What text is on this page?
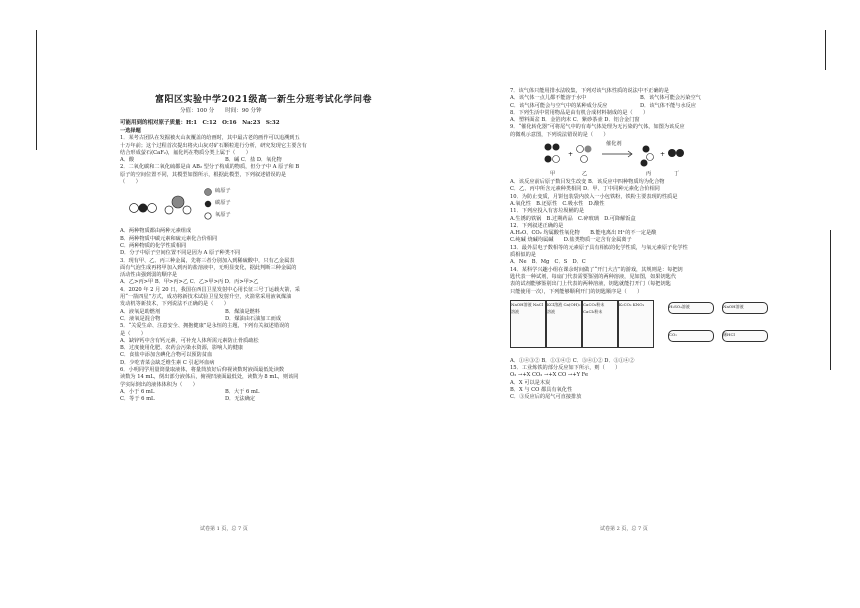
富阳区实验中学2021级高一新生分班考试化学问卷
分值：100 分　　时间：90 分钟
可能用到的相对原子质量：H:1　C:12　O:16　Na:23　S:32

一选择题

1．某考古团队在发掘被火山灰覆盖的给画时，其中最古老的画作可以追溯到五

十万年前；这个过程首次提出将火山灰对矿石颗粒进行分析，研究发现它主要含有

结合形成萤石(CaF₂)，氟化钙在物质分类上属于（　　）

A．酸	B．碱 C．盐 D．氧化物

2．二氧化碳和二氧化硫都是由 AB₂ 型分子构成的物质，但分子中 A 原子和 B

原子的空间位置不同，其模型如图所示，根据此模型，下列叙述错误的是

（　　）

硫原子
碳原子
氧原子

A．两种物质都由两种元素组成

B．两种物质中碳元素和硫元素化合价相同

C．两种物质的化学性质相同

D．分子中原子空间位置不同是因为 A 原子种类不同

3．现有甲、乙、丙三种金属，先将三者分别加入到稀硫酸中，只有乙金属表

面有气泡生成再将甲加入到丙的盐溶液中，无明显变化，据此判断三种金属的

活动性由强到弱的顺序是

A．乙>丙>甲 B．甲>丙>乙 C．乙>甲>丙 D．丙>甲>乙

4．2020 年 2 月 20 日，我国在西昌卫星发射中心用长征三号丁运载火箭，采

用“一箭四星”方式，成功将新技术试验卫星发射升空，火箭常采用液氧煤油

发动机等新技术，下列说法不正确的是（　　）

A．液氧是助燃剂	B．煤油是燃料

C．液氧是混合物	D．煤油由石油加工而成

5．“关爱生命、注意安全、拥抱健康”是永恒的主题，下列有关叙述错误的

是（　　）

A．缺锌钙中含有钙元素，可补充人体所需元素防止骨质疏松

B．过度使用化肥、农药会污染水资源，影响人的健康

C．食盐中添加含碘化合物可以预防贫血

D．少吃青菜会缺乏维生素 C 引起坏血病

6．小明同学用量筒量取液体，将量筒放好后仰视读数时液面最低处读数

读数为 14 mL，倒出部分液体后，俯视凹液面最低处，读数为 8 mL，则该同

学实际倒出的液体体积为（　　）

A．小于 6 mL	B．大于 6 mL

C．等于 6 mL	D．无法确定

试卷第 1 页，总 7 页

7．该气体只能用排水法收集，下列对该气体性质的说法中不正确的是

A．该气体一点儿都不能溶于水中	B．该气体可能会污染空气

C．该气体可能会与空气中的某种成分反应	D．该气体不能与水反应

8．下列生活中常用物品是由有机合成材料制成的是（　　）

A．塑料面盆 B．金箔肉末 C．紫砂茶壶 D．铝合金门窗

9．“催化转化器”可将尾气中的有毒气体处理为无污染的气体，如图为该反应

的微观示意图，下列说法错误的是（　　）

+	+
催化剂
甲	乙	丙	丁

A．该反应前后原子数目发生改变 B．该反应中四种物质均为化合物

C．乙、丙中所含元素种类相同 D．甲、丁中同种元素化合价相同

10．为防止变质，月饼包装袋内放入一小包铁粉，铁粉主要表现的性质是

A.氧化性　B.还原性　C.吸水性　D.酸性

11．下列应投入有害垃圾桶的是

A.生锈的铁锅　B.过期药品　C.碎玻璃　D.可降解饭盒

12．下列叙述正确的是

A.H₂O、CO₂ 均属酸性氧化物　　B.能电离出 H⁺的不一定是酸

C.纯碱 烧碱均属碱　　D.盐类物质一定含有金属离子

13．最外层电子数相等的元素原子具有相似的化学性质，与氧元素原子化学性

质相似的是

A．Ne　B．Mg　C．S　D．C

14．某科学兴趣小组在课余时间做了“开门大吉”的游戏，其规则是：每把钥

匙代表一种试剂，每扇门代表需要鉴别的两种溶液，见如图，如果钥匙代

表的试剂能够鉴别出门上代表的两种溶液，钥匙就能打开门（每把钥匙

只能使用一次），下列能够顺利开门的钥匙顺序是（　　）

NaOH溶液 NaCl溶液
KCl溶液 Ca(OH)₂溶液
CaCO₃粉末 CaCl₂粉末
K₂CO₃ KNO₃	H₂SO₄溶液	NaOH溶液
CO₂	稀HCl

A．①④③② B．①③④② C．③④①② D．③①④②

15．工业炼铁的部分反应如下所示，则（　　）

O₂ →+X CO₂ →+X CO →+Y Fe

A．X 可以是木炭

B．X 与 CO 都具有氧化性

C．③反应后的尾气可直接排放

试卷第 2 页，总 7 页
